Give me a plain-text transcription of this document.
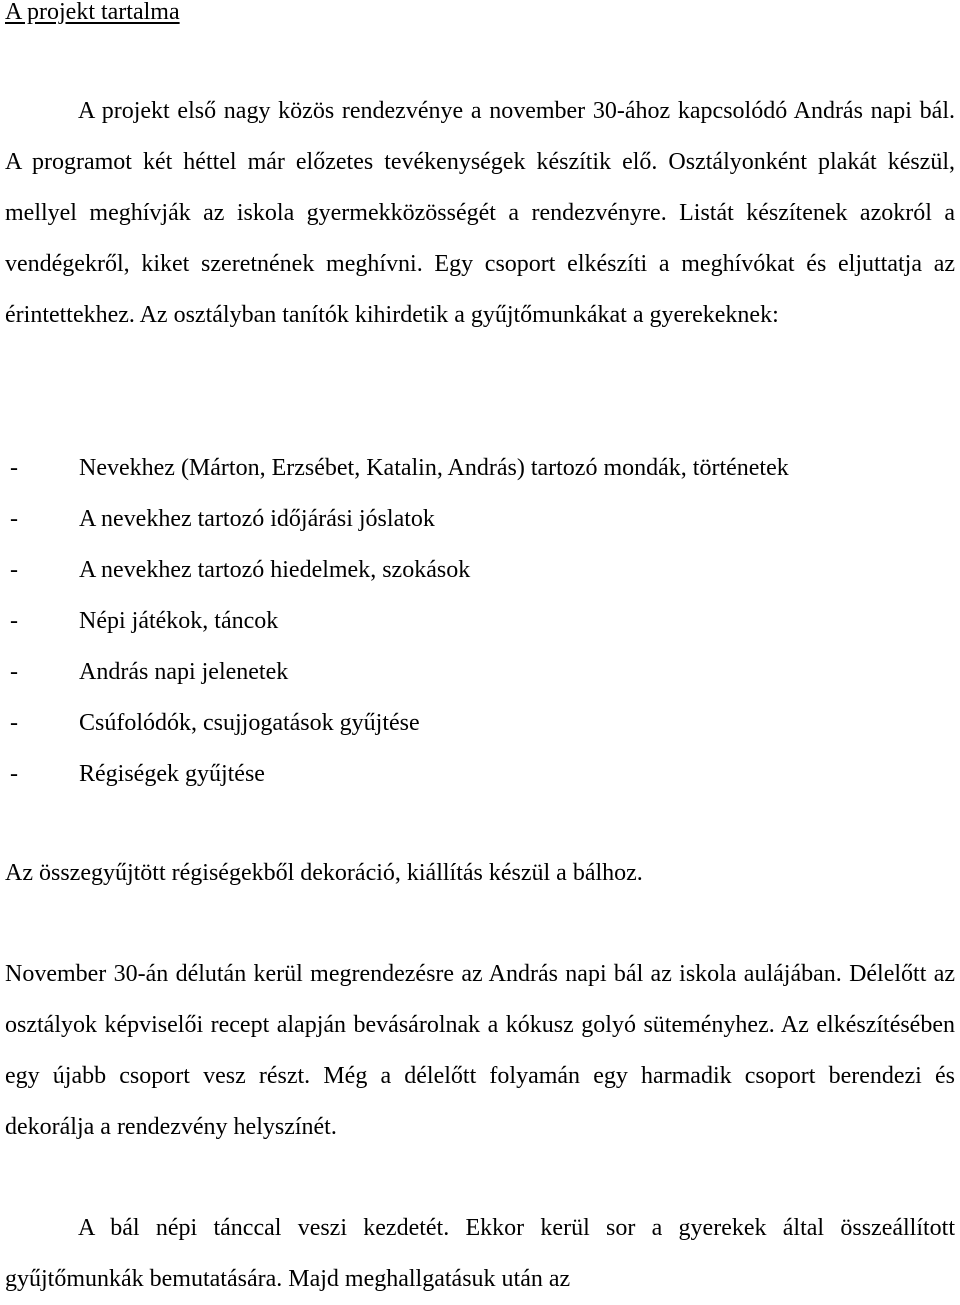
A projekt tartalma

A projekt első nagy közös rendezvénye a november 30-ához kapcsolódó András napi bál. A programot két héttel már előzetes tevékenységek készítik elő. Osztályonként plakát készül, mellyel meghívják az iskola gyermekközösségét a rendezvényre. Listát készítenek azokról a vendégekről, kiket szeretnének meghívni. Egy csoport elkészíti a meghívókat és eljuttatja az érintettekhez. Az osztályban tanítók kihirdetik a gyűjtőmunkákat a gyerekeknek:

-	Nevekhez (Márton, Erzsébet, Katalin, András) tartozó mondák, történetek
-	A nevekhez tartozó időjárási jóslatok
-	A nevekhez tartozó hiedelmek, szokások
-	Népi játékok, táncok
-	András napi jelenetek
-	Csúfolódók, csujjogatások gyűjtése
-	Régiségek gyűjtése

Az összegyűjtött régiségekből dekoráció, kiállítás készül a bálhoz.

November 30-án délután kerül megrendezésre az András napi bál az iskola aulájában. Délelőtt az osztályok képviselői recept alapján bevásárolnak a kókusz golyó süteményhez. Az elkészítésében egy újabb csoport vesz részt. Még a délelőtt folyamán egy harmadik csoport berendezi és dekorálja a rendezvény helyszínét.

A bál népi tánccal veszi kezdetét. Ekkor kerül sor a gyerekek által összeállított gyűjtőmunkák bemutatására. Majd meghallgatásuk után az
